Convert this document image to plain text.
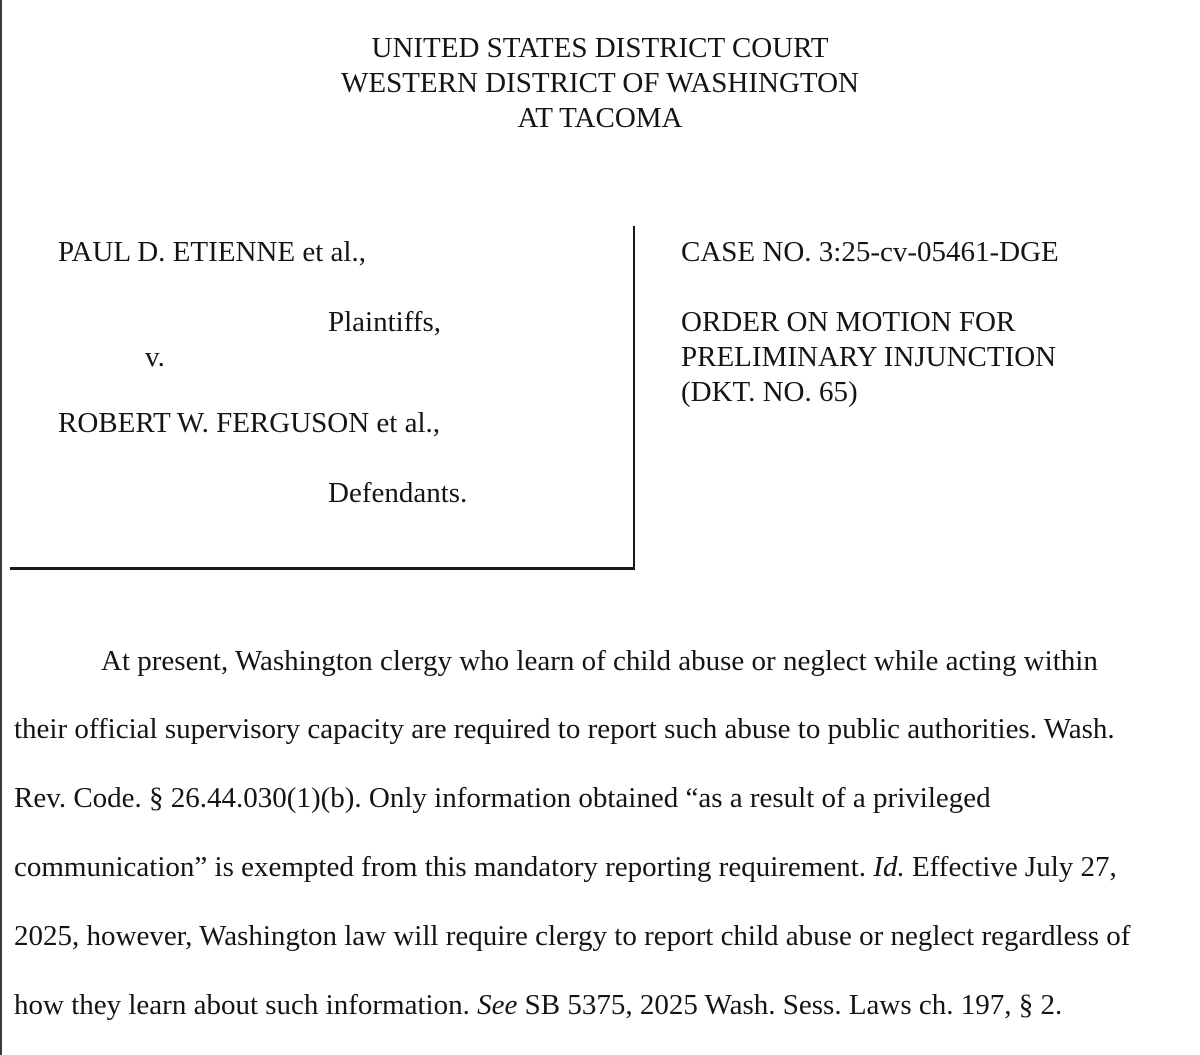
UNITED STATES DISTRICT COURT
WESTERN DISTRICT OF WASHINGTON
AT TACOMA
PAUL D. ETIENNE et al.,
Plaintiffs,
v.
ROBERT W. FERGUSON et al.,
Defendants.
CASE NO. 3:25-cv-05461-DGE
ORDER ON MOTION FOR
PRELIMINARY INJUNCTION
(DKT. NO. 65)
At present, Washington clergy who learn of child abuse or neglect while acting within
their official supervisory capacity are required to report such abuse to public authorities. Wash.
Rev. Code. § 26.44.030(1)(b). Only information obtained “as a result of a privileged
communication” is exempted from this mandatory reporting requirement. Id. Effective July 27,
2025, however, Washington law will require clergy to report child abuse or neglect regardless of
how they learn about such information. See SB 5375, 2025 Wash. Sess. Laws ch. 197, § 2.
